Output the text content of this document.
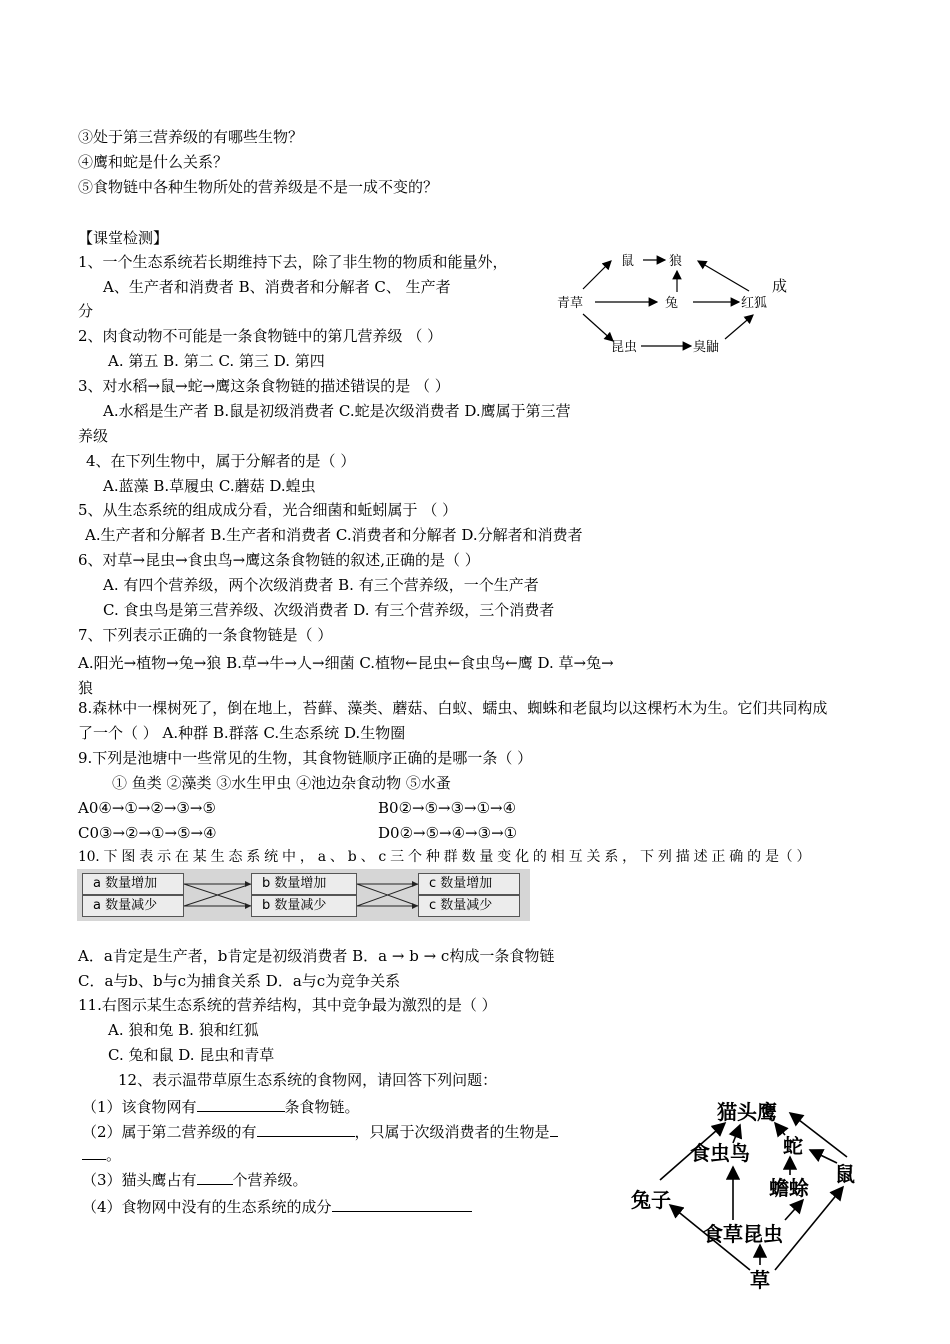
③处于第三营养级的有哪些生物？
④鹰和蛇是什么关系？
⑤食物链中各种生物所处的营养级是不是一成不变的？
【课堂检测】
1、一个生态系统若长期维持下去，除了非生物的物质和能量外，
成
A、生产者和消费者 B、消费者和分解者 C、 生产者
分
2、肉食动物不可能是一条食物链中的第几营养级 （ ）
A. 第五 B. 第二 C. 第三 D. 第四
3、对水稻→鼠→蛇→鹰这条食物链的描述错误的是 （ ）
A.水稻是生产者 B.鼠是初级消费者 C.蛇是次级消费者 D.鹰属于第三营
养级
4、在下列生物中，属于分解者的是（ ）
A.蓝藻 B.草履虫 C.蘑菇 D.蝗虫
5、从生态系统的组成成分看，光合细菌和蚯蚓属于 （ ）
A.生产者和分解者 B.生产者和消费者 C.消费者和分解者 D.分解者和消费者
6、对草→昆虫→食虫鸟→鹰这条食物链的叙述,正确的是（ ）
A. 有四个营养级，两个次级消费者 B. 有三个营养级，一个生产者
C. 食虫鸟是第三营养级、次级消费者 D. 有三个营养级，三个消费者
7、下列表示正确的一条食物链是（ ）
A.阳光→植物→兔→狼 B.草→牛→人→细菌 C.植物←昆虫←食虫鸟←鹰 D. 草→兔→
狼
8.森林中一棵树死了，倒在地上，苔藓、藻类、蘑菇、白蚁、蠕虫、蜘蛛和老鼠均以这棵朽木为生。它们共同构成
了一个（ ） A.种群 B.群落 C.生态系统 D.生物圈
9.下列是池塘中一些常见的生物，其食物链顺序正确的是哪一条（ ）
① 鱼类 ②藻类 ③水生甲虫 ④池边杂食动物 ⑤水蚤
A0④→①→②→③→⑤	B0②→⑤→③→①→④
C0③→②→①→⑤→④	D0②→⑤→④→③→①
10. 下 图 表 示 在 某 生 态 系 统 中 ， a 、 b 、 c 三 个 种 群 数 量 变 化 的 相 互 关 系 ， 下 列 描 述 正 确 的 是（ ）
a 数量增加
a 数量减少
b 数量增加
b 数量减少
c 数量增加
c 数量减少
A．a肯定是生产者，b肯定是初级消费者 B．a → b → c构成一条食物链
C．a与b、b与c为捕食关系 D．a与c为竞争关系
11.右图示某生态系统的营养结构，其中竞争最为激烈的是（ ）
A. 狼和兔 B. 狼和红狐
C. 兔和鼠 D. 昆虫和青草
12、表示温带草原生态系统的食物网，请回答下列问题：
（1）该食物网有	条食物链。
（2）属于第二营养级的有	，只属于次级消费者的生物是
。
（3）猫头鹰占有 个营养级。
（4）食物网中没有的生态系统的成分
鼠	狼
青草	兔	红狐
昆虫	臭鼬
猫头鹰
食虫鸟 蛇
鼠
蟾蜍
兔子
食草昆虫
草
